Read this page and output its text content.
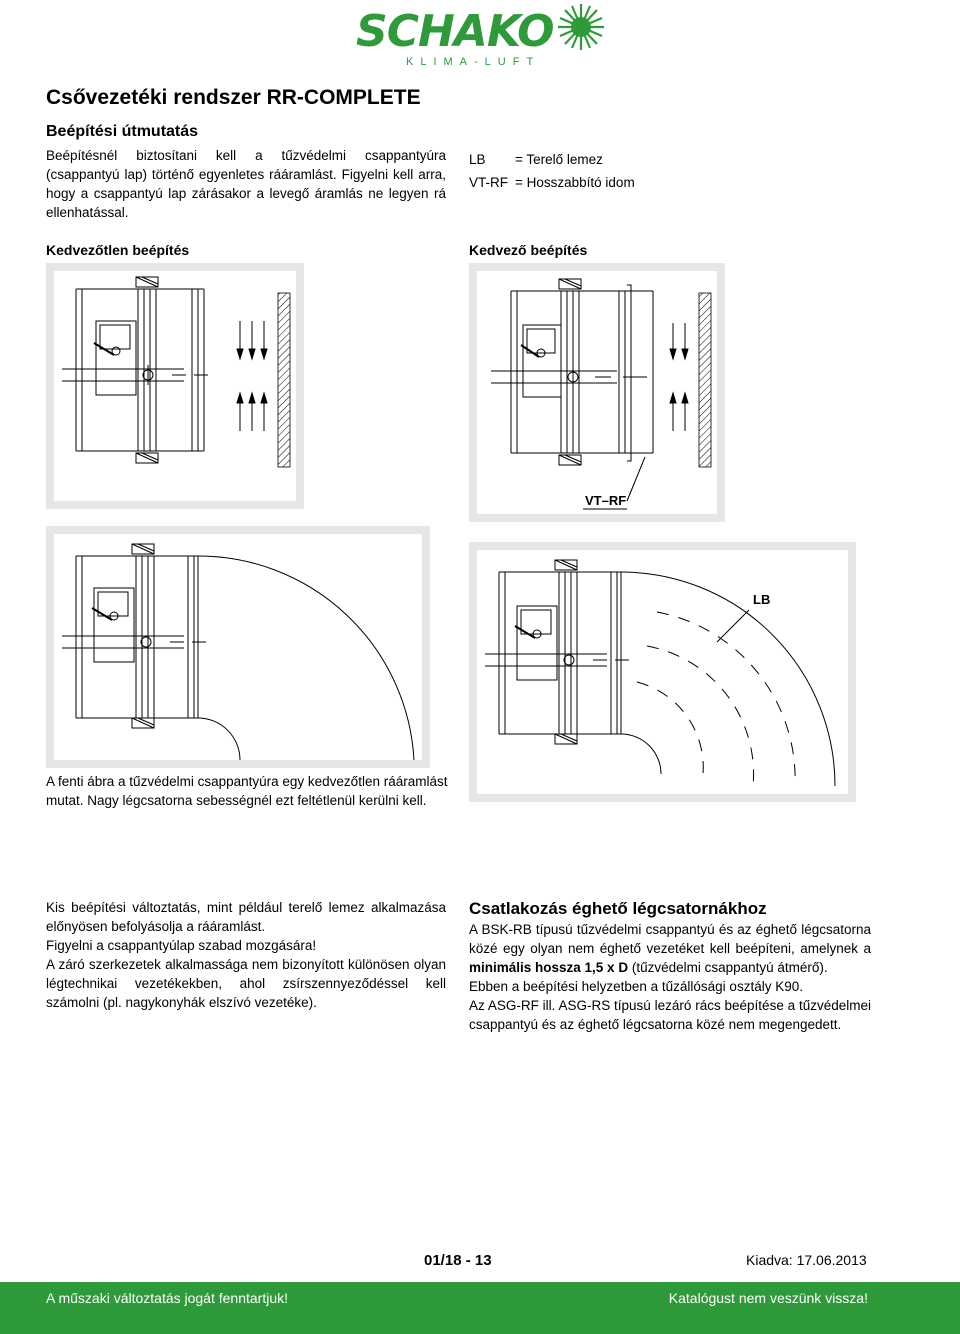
SCHAKO
KLIMA-LUFT
Csővezetéki rendszer RR-COMPLETE
Beépítési útmutatás
Beépítésnél biztosítani kell a tűzvédelmi csappantyúra (csappantyú lap) történő egyenletes rááramlást. Figyelni kell arra, hogy a csappantyú lap zárásakor a levegő áramlás ne legyen rá ellenhatással.
LB = Terelő lemez
VT-RF = Hosszabbító idom
Kedvezőtlen beépítés	Kedvező beépítés
VT–RF
LB
A fenti ábra a tűzvédelmi csappantyúra egy kedvezőtlen rááramlást mutat. Nagy légcsatorna sebességnél ezt feltétlenül kerülni kell.
Kis beépítési változtatás, mint például terelő lemez alkalmazása előnyösen befolyásolja a rááramlást.
Figyelni a csappantyúlap szabad mozgására!
A záró szerkezetek alkalmassága nem bizonyított különösen olyan légtechnikai vezetékekben, ahol zsírszennyeződéssel kell számolni (pl. nagykonyhák elszívó vezetéke).
Csatlakozás éghető légcsatornákhoz
A BSK-RB típusú tűzvédelmi csappantyú és az éghető légcsatorna közé egy olyan nem éghető vezetéket kell beépíteni, amelynek a minimális hossza 1,5 x D (tűzvédelmi csappantyú átmérő).
Ebben a beépítési helyzetben a tűzállósági osztály K90.
Az ASG-RF ill. ASG-RS típusú lezáró rács beépítése a tűzvédelmei csappantyú és az éghető légcsatorna közé nem megengedett.
01/18 - 13	Kiadva: 17.06.2013
A műszaki változtatás jogát fenntartjuk!	Katalógust nem veszünk vissza!
